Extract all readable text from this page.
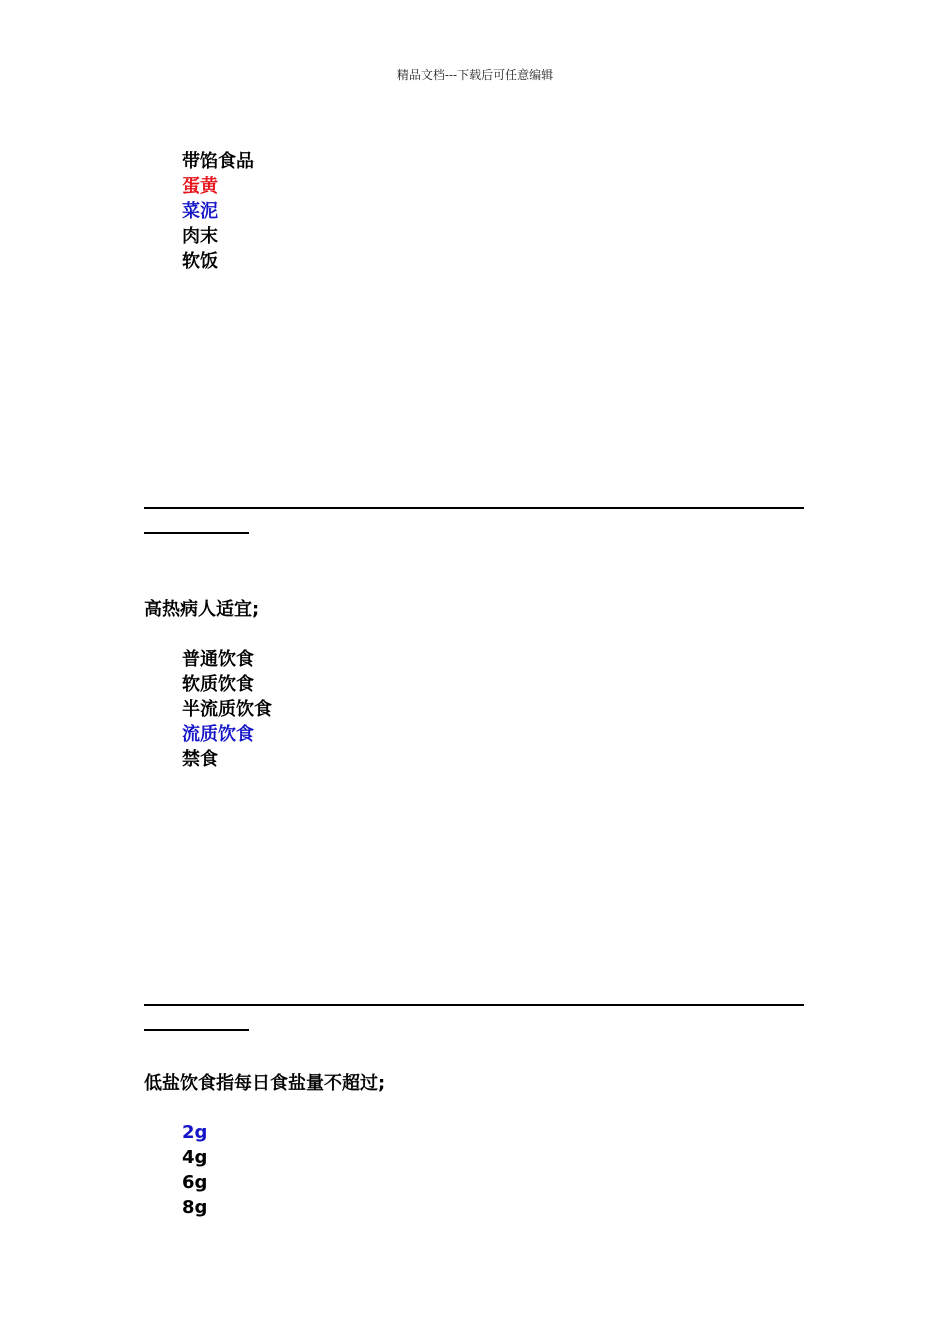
精品文档---下载后可任意编辑
带馅食品
蛋黄
菜泥
肉末
软饭
高热病人适宜;
普通饮食
软质饮食
半流质饮食
流质饮食
禁食
低盐饮食指每日食盐量不超过;
2g
4g
6g
8g
